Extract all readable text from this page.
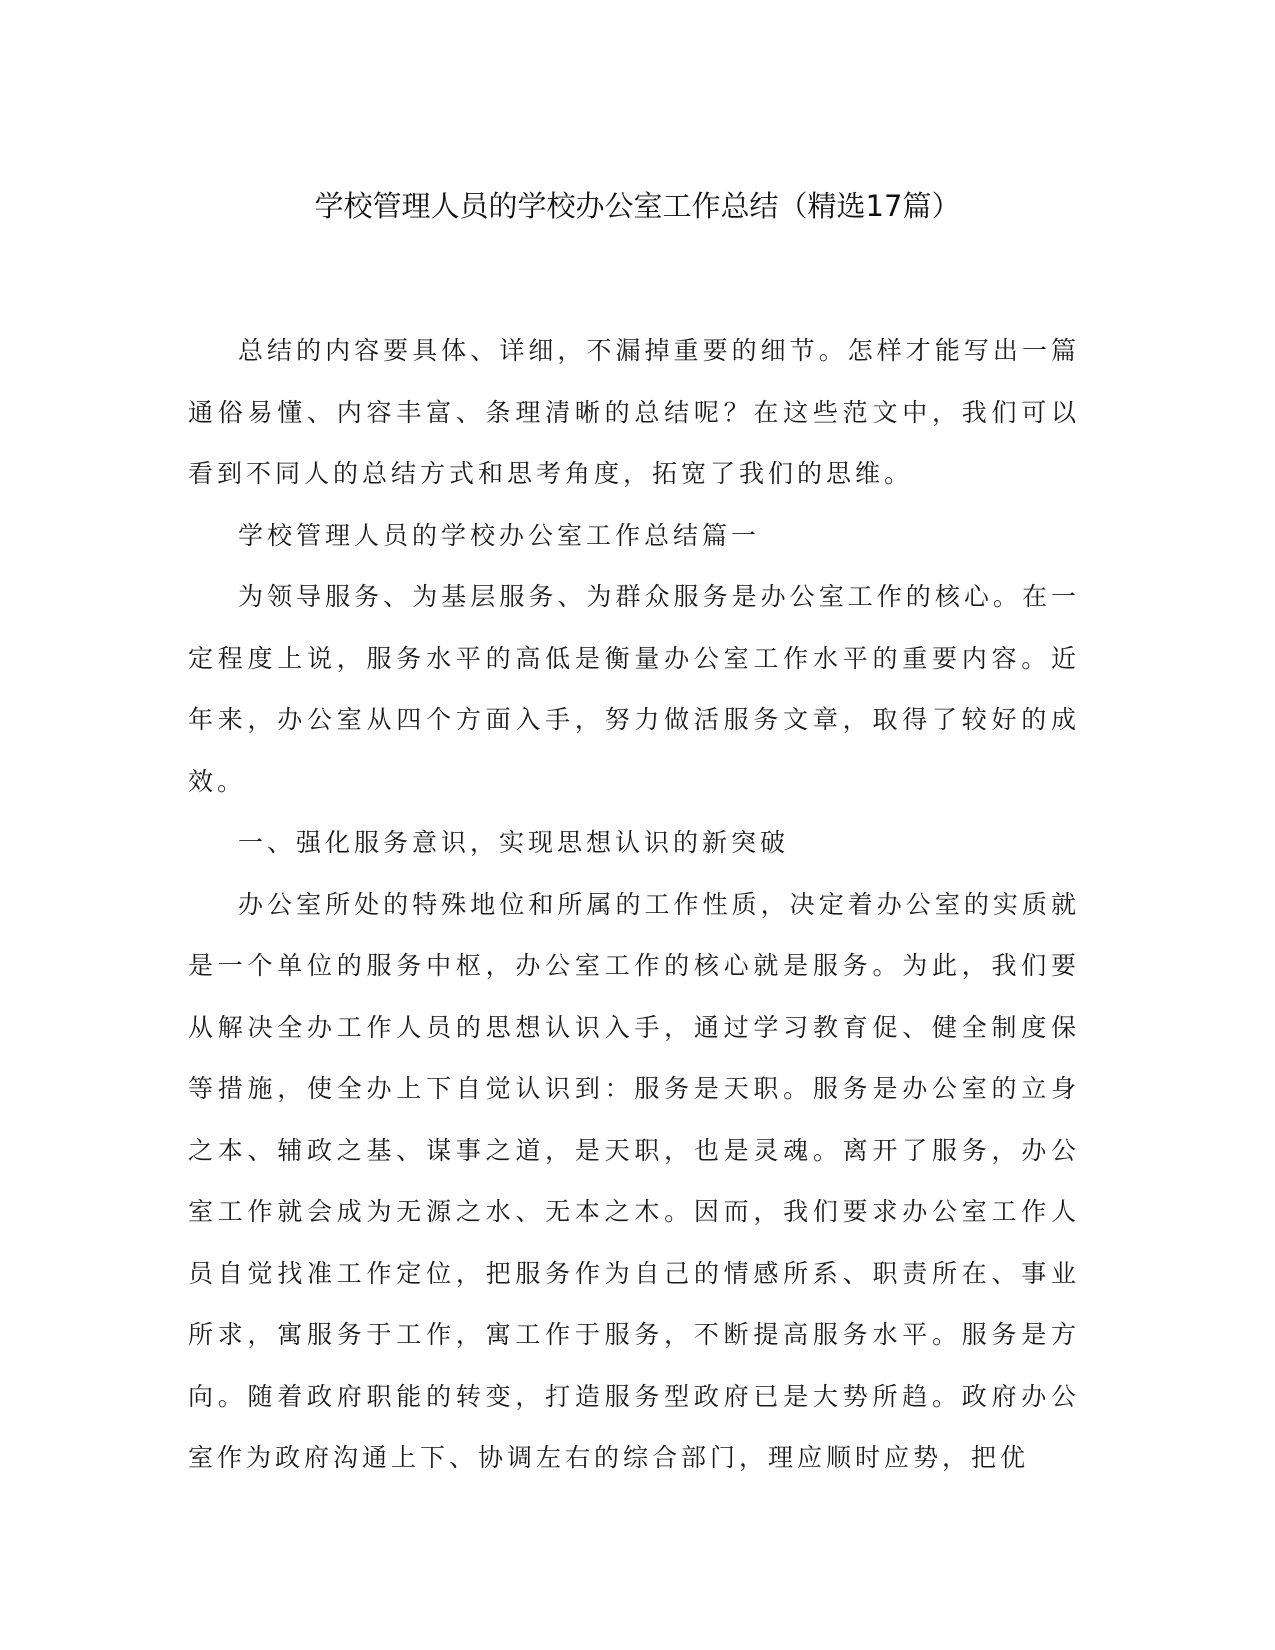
学校管理人员的学校办公室工作总结（精选17篇）

总结的内容要具体、详细，不漏掉重要的细节。怎样才能写出一篇通俗易懂、内容丰富、条理清晰的总结呢？在这些范文中，我们可以看到不同人的总结方式和思考角度，拓宽了我们的思维。

学校管理人员的学校办公室工作总结篇一

为领导服务、为基层服务、为群众服务是办公室工作的核心。在一定程度上说，服务水平的高低是衡量办公室工作水平的重要内容。近年来，办公室从四个方面入手，努力做活服务文章，取得了较好的成效。

一、强化服务意识，实现思想认识的新突破

办公室所处的特殊地位和所属的工作性质，决定着办公室的实质就是一个单位的服务中枢，办公室工作的核心就是服务。为此，我们要从解决全办工作人员的思想认识入手，通过学习教育促、健全制度保等措施，使全办上下自觉认识到：服务是天职。服务是办公室的立身之本、辅政之基、谋事之道，是天职，也是灵魂。离开了服务，办公室工作就会成为无源之水、无本之木。因而，我们要求办公室工作人员自觉找准工作定位，把服务作为自己的情感所系、职责所在、事业所求，寓服务于工作，寓工作于服务，不断提高服务水平。服务是方向。随着政府职能的转变，打造服务型政府已是大势所趋。政府办公室作为政府沟通上下、协调左右的综合部门，理应顺时应势，把优
